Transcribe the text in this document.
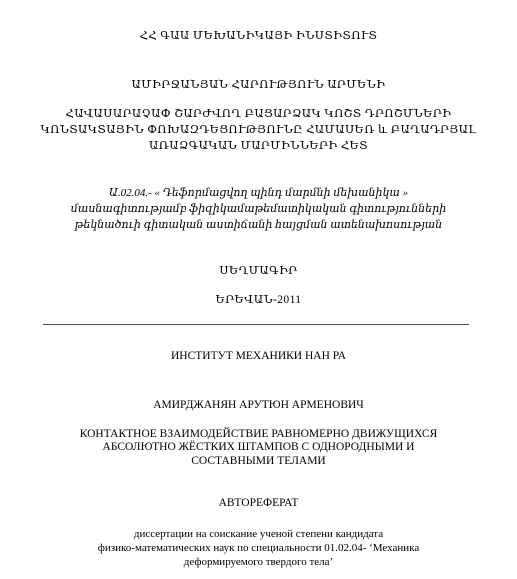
ՀՀ ԳԱԱ ՄԵԽԱՆԻԿԱՅԻ ԻՆՍՏԻՏՈՒՏ
ԱՄԻՐՋԱՆՅԱՆ ՀԱՐՈՒԹՅՈՒՆ ԱՐՄԵՆԻ
ՀԱՎԱՍԱՐԱՉԱՓ ՇԱՐԺՎՈՂ ԲԱՑԱՐՁԱԿ ԿՈՇՏ ԴՐՈՇՄՆԵՐԻ
ԿՈՆՏԱԿՏԱՅԻՆ ՓՈԽԱԶԴԵՑՈՒԹՅՈՒՆԸ ՀԱՄԱՍԵՌ և ԲԱՂԱԴՐՅԱԼ
ԱՌԱՁԳԱԿԱՆ ՄԱՐՄԻՆՆԵՐԻ ՀԵՏ
Ա.02.04.- « Դեֆորմացվող պինդ մարմնի մեխանիկա »
մասնագիտությամբ ֆիզիկամաթեմատիկական գիտությունների
թեկնածուի գիտական աստիճանի հայցման ատենախոսության
ՍԵՂՄԱԳԻՐ
ԵՐԵՎԱՆ-2011
ИНСТИТУТ МЕХАНИКИ НАН РА
АМИРДЖАНЯН АРУТЮН АРМЕНОВИЧ
КОНТАКТНОЕ ВЗАИМОДЕЙСТВИЕ РАВНОМЕРНО ДВИЖУЩИХСЯ
АБСОЛЮТНО ЖЁСТКИХ ШТАМПОВ С ОДНОРОДНЫМИ И
СОСТАВНЫМИ ТЕЛАМИ
АВТОРЕФЕРАТ
диссертации на соискание ученой степени кандидата
физико-математических наук по специальности 01.02.04- ‘Механика
деформируемого твердого тела’
